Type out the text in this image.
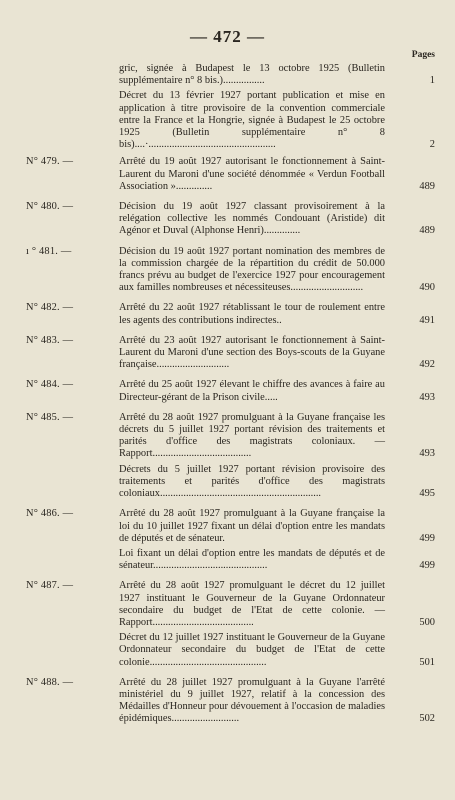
— 472 —
Pages
gric, signée à Budapest le 13 octobre 1925 (Bulletin supplémentaire n° 8 bis.)................	1
Décret du 13 février 1927 portant publication et mise en application à titre provisoire de la convention commerciale entre la France et la Hongrie, signée à Budapest le 25 octobre 1925 (Bulletin supplémentaire n° 8 bis)....·.................................................	2
N° 479. —	Arrêté du 19 août 1927 autorisant le fonctionnement à Saint-Laurent du Maroni d'une société dénommée « Verdun Football Association »..............	489
N° 480. —	Décision du 19 août 1927 classant provisoirement à la relégation collective les nommés Condouant (Aristide) dit Agénor et Duval (Alphonse Henri)..............	489
ı ° 481. —	Décision du 19 août 1927 portant nomination des membres de la commission chargée de la répartition du crédit de 50.000 francs prévu au budget de l'exercice 1927 pour encouragement aux familles nombreuses et nécessiteuses............................	490
N° 482. —	Arrêté du 22 août 1927 rétablissant le tour de roulement entre les agents des contributions indirectes..	491
N° 483. —	Arrêté du 23 août 1927 autorisant le fonctionnement à Saint-Laurent du Maroni d'une section des Boys-scouts de la Guyane française............................	492
N° 484. —	Arrêté du 25 août 1927 élevant le chiffre des avances à faire au Directeur-gérant de la Prison civile.....	493
N° 485. —	Arrêté du 28 août 1927 promulguant à la Guyane française les décrets du 5 juillet 1927 portant révision des traitements et parités d'office des magistrats coloniaux. — Rapport......................................	493
Décrets du 5 juillet 1927 portant révision provisoire des traitements et parités d'office des magistrats coloniaux..............................................................	495
N° 486. —	Arrêté du 28 août 1927 promulguant à la Guyane française la loi du 10 juillet 1927 fixant un délai d'option entre les mandats de députés et de sénateur.	499
Loi fixant un délai d'option entre les mandats de députés et de sénateur............................................	499
N° 487. —	Arrêté du 28 août 1927 promulguant le décret du 12 juillet 1927 instituant le Gouverneur de la Guyane Ordonnateur secondaire du budget de l'Etat de cette colonie. — Rapport.......................................	500
Décret du 12 juillet 1927 instituant le Gouverneur de la Guyane Ordonnateur secondaire du budget de l'Etat de cette colonie.............................................	501
N° 488. —	Arrêté du 28 juillet 1927 promulguant à la Guyane l'arrêté ministériel du 9 juillet 1927, relatif à la concession des Médailles d'Honneur pour dévouement à l'occasion de maladies épidémiques..........................	502
